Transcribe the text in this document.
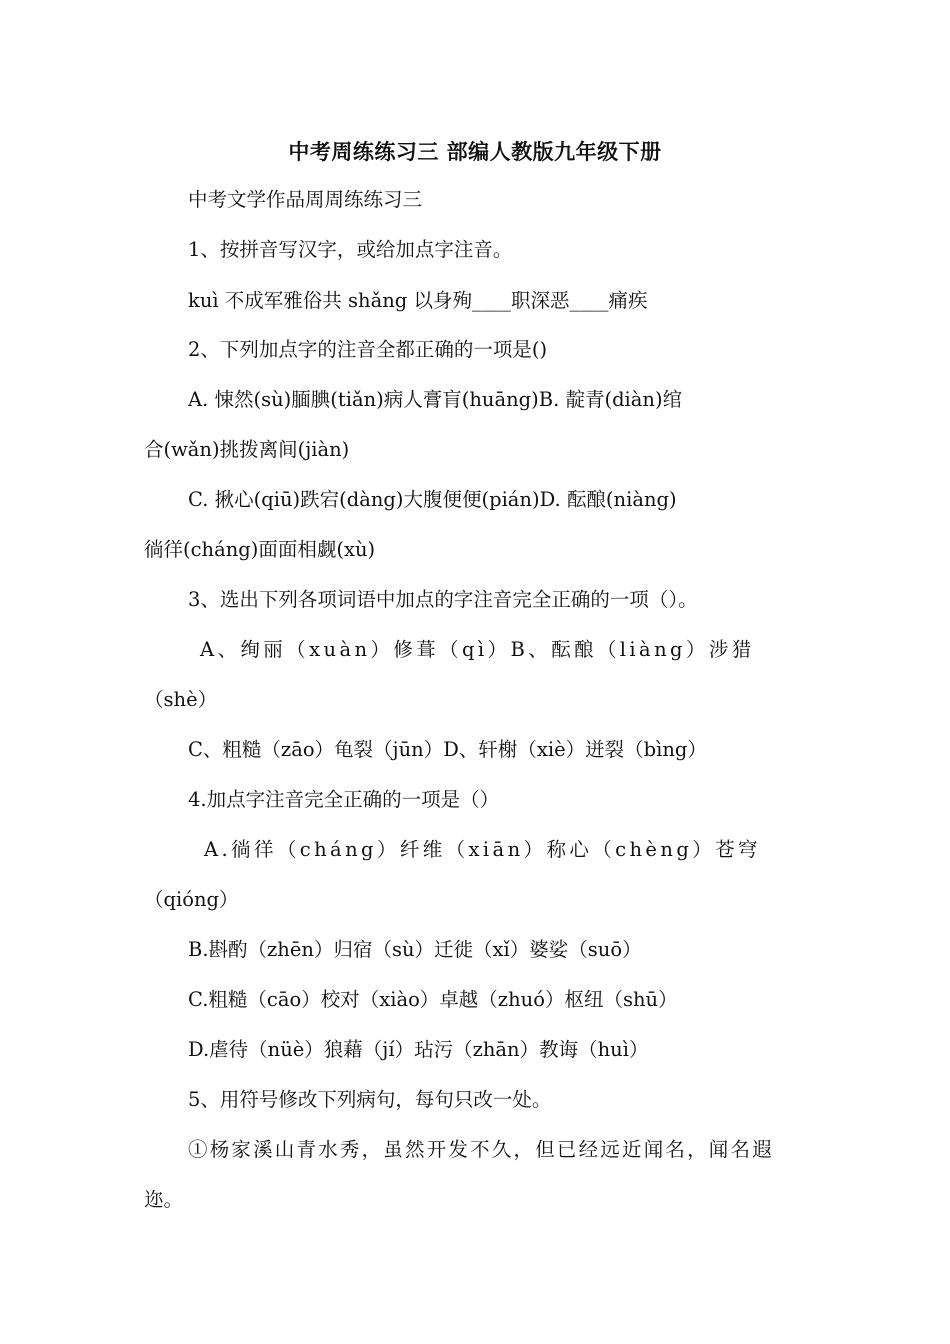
中考周练练习三 部编人教版九年级下册
中考文学作品周周练练习三
1、按拼音写汉字，或给加点字注音。
kuì 不成军雅俗共 shǎng 以身殉____职深恶____痛疾
2、下列加点字的注音全都正确的一项是()
A. 悚然(sù)腼腆(tiǎn)病人膏肓(huāng)B. 靛青(diàn)绾
合(wǎn)挑拨离间(jiàn)
C. 揪心(qiū)跌宕(dàng)大腹便便(pián)D. 酝酿(niàng)
徜徉(cháng)面面相觑(xù)
3、选出下列各项词语中加点的字注音完全正确的一项（）。
A、绚丽（xuàn）修葺（qì）B、酝酿（liàng）涉猎
（shè）
C、粗糙（zāo）龟裂（jūn）D、轩榭（xiè）迸裂（bìng）
4.加点字注音完全正确的一项是（）
A.徜徉（cháng）纤维（xiān）称心（chèng）苍穹
（qióng）
B.斟酌（zhēn）归宿（sù）迁徙（xǐ）婆娑（suō）
C.粗糙（cāo）校对（xiào）卓越（zhuó）枢纽（shū）
D.虐待（nüè）狼藉（jí）玷污（zhān）教诲（huì）
5、用符号修改下列病句，每句只改一处。
①杨家溪山青水秀，虽然开发不久，但已经远近闻名，闻名遐
迩。
